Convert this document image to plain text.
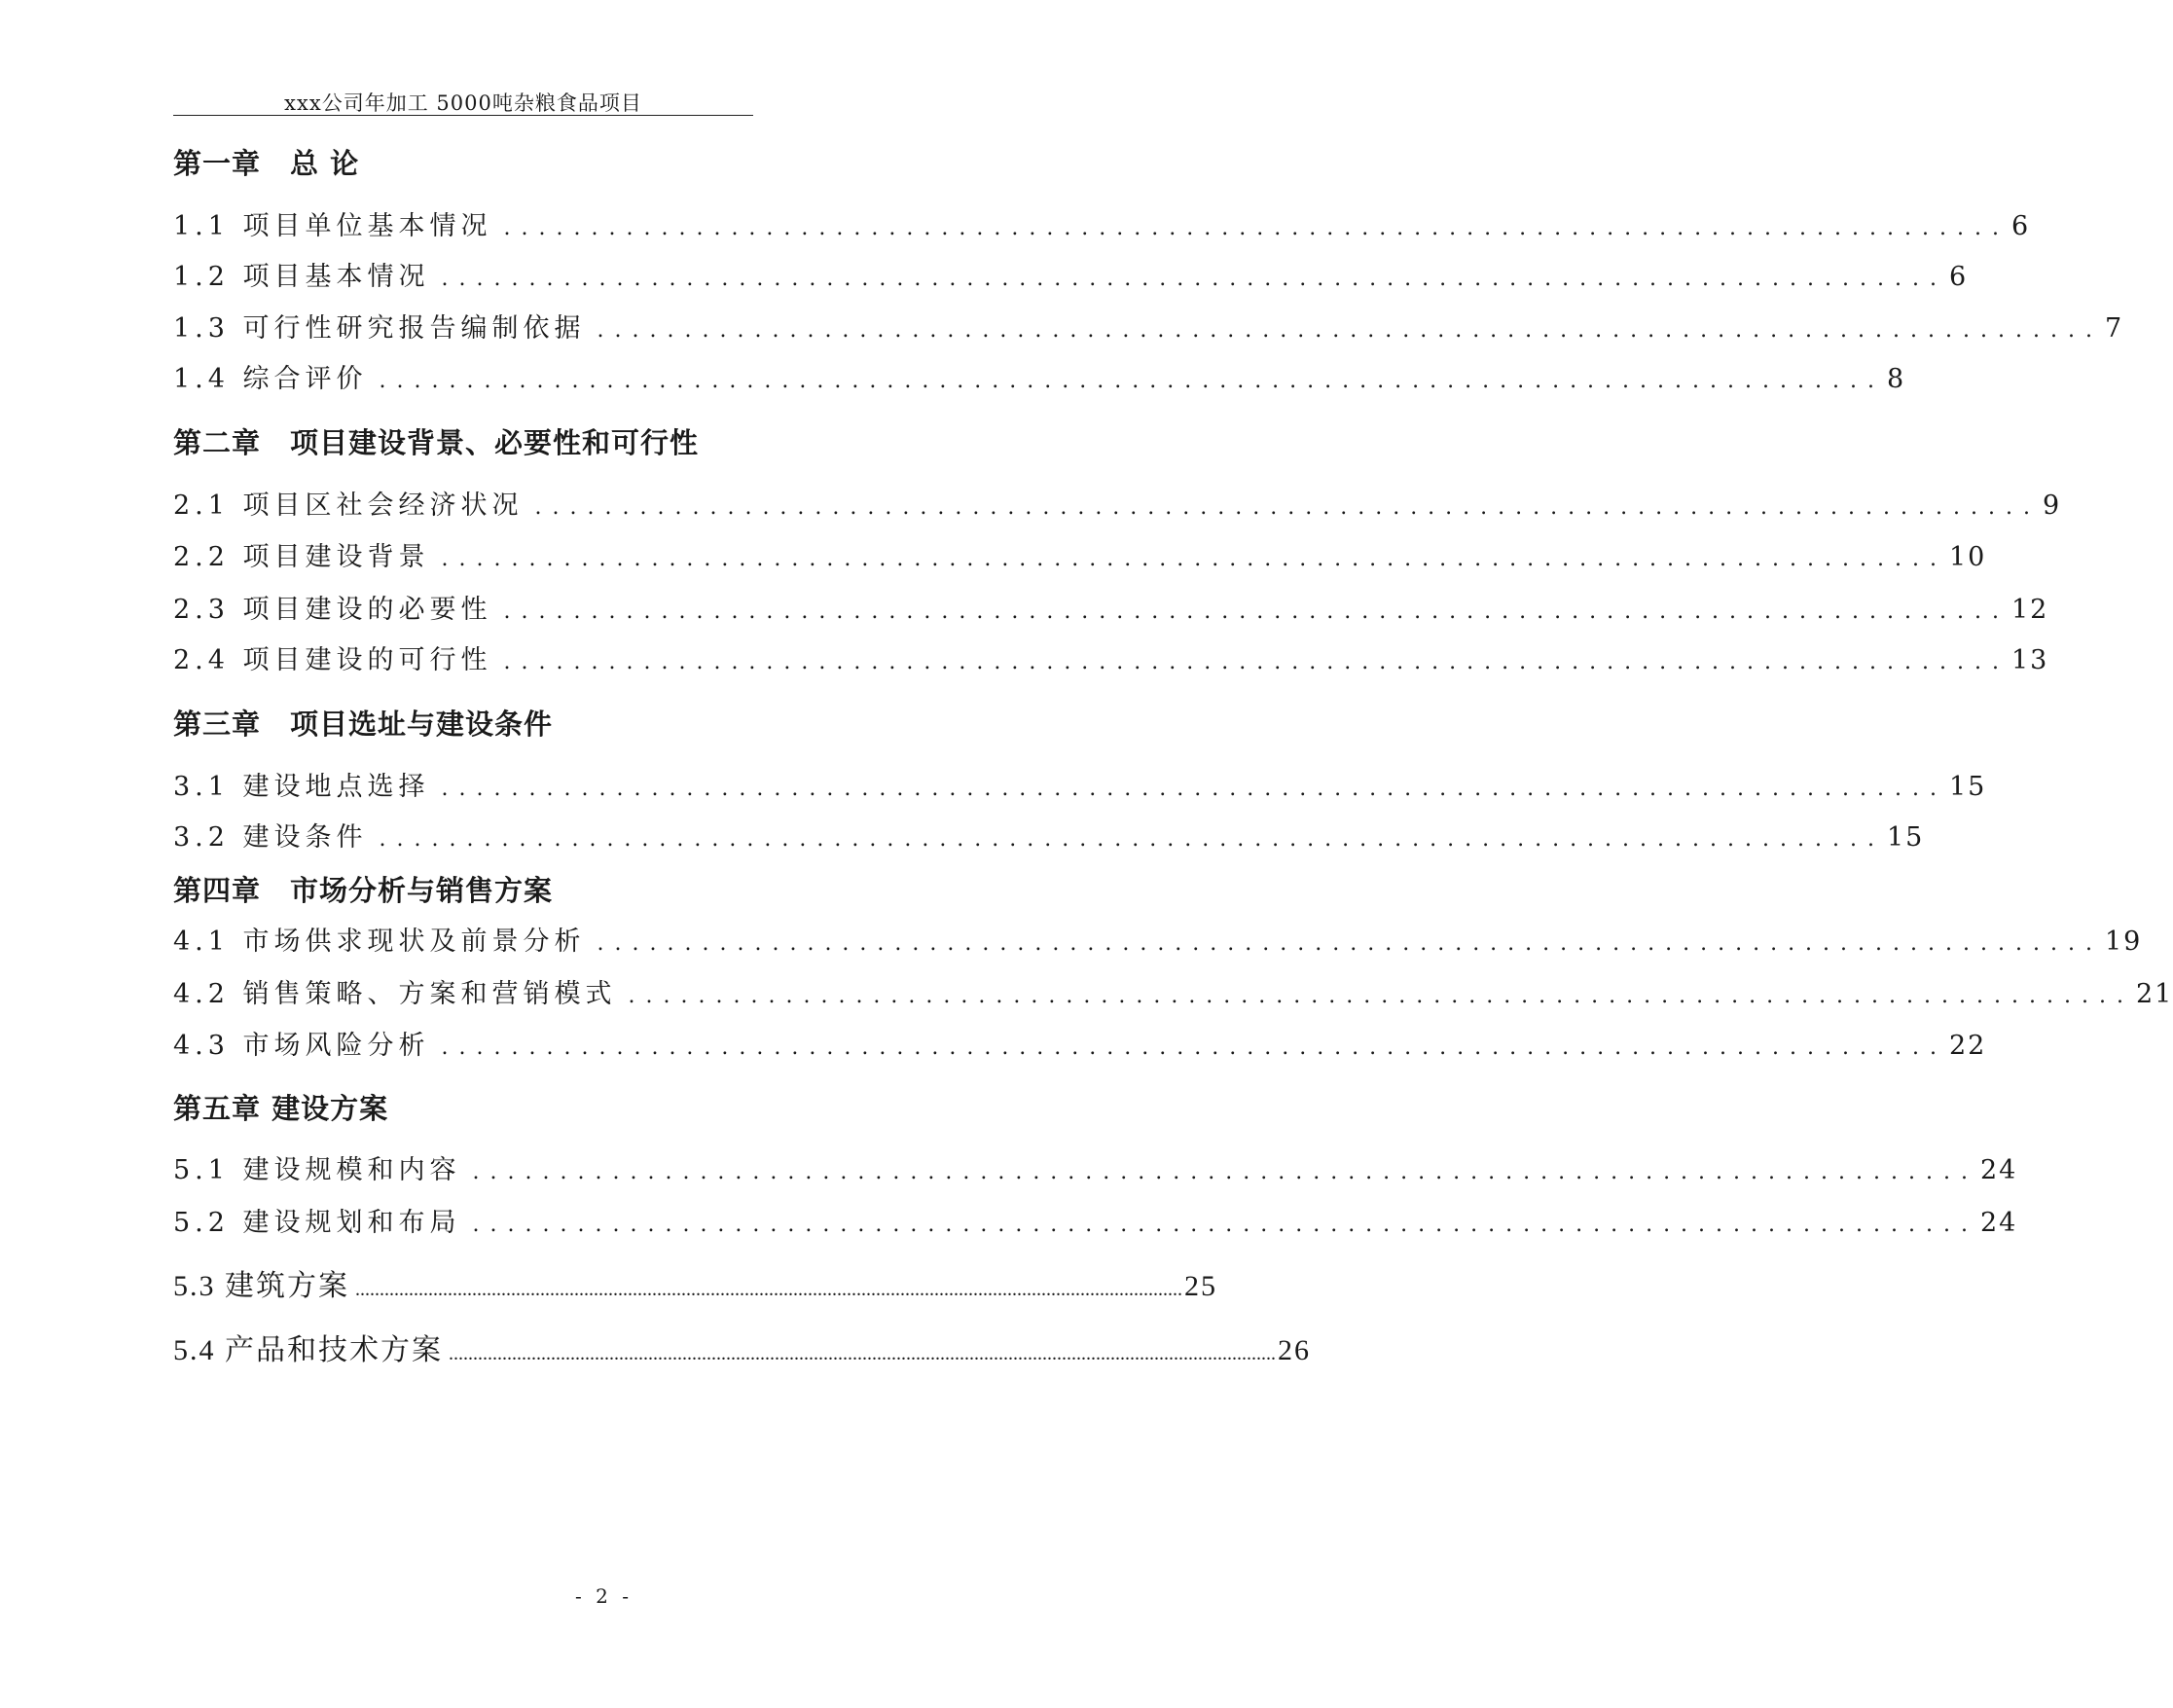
xxx公司年加工 5000吨杂粮食品项目
第一章　总 论
1.1 项目单位基本情况 ...................................................................................... 6
1.2 项目基本情况 ...................................................................................... 6
1.3 可行性研究报告编制依据 ...................................................................................... 7
1.4 综合评价 ...................................................................................... 8
第二章　项目建设背景、必要性和可行性
2.1 项目区社会经济状况 ...................................................................................... 9
2.2 项目建设背景 ...................................................................................... 10
2.3 项目建设的必要性 ...................................................................................... 12
2.4 项目建设的可行性 ...................................................................................... 13
第三章　项目选址与建设条件
3.1 建设地点选择 ...................................................................................... 15
3.2 建设条件 ...................................................................................... 15
第四章　市场分析与销售方案
4.1 市场供求现状及前景分析 ...................................................................................... 19
4.2 销售策略、方案和营销模式 ...................................................................................... 21
4.3 市场风险分析 ...................................................................................... 22
第五章 建设方案
5.1 建设规模和内容 ...................................................................................... 24
5.2 建设规划和布局 ...................................................................................... 24
5.3 建筑方案 .......................................................................................................................................................................... 25
5.4 产品和技术方案 .......................................................................................................................................................................... 26
- 2 -
